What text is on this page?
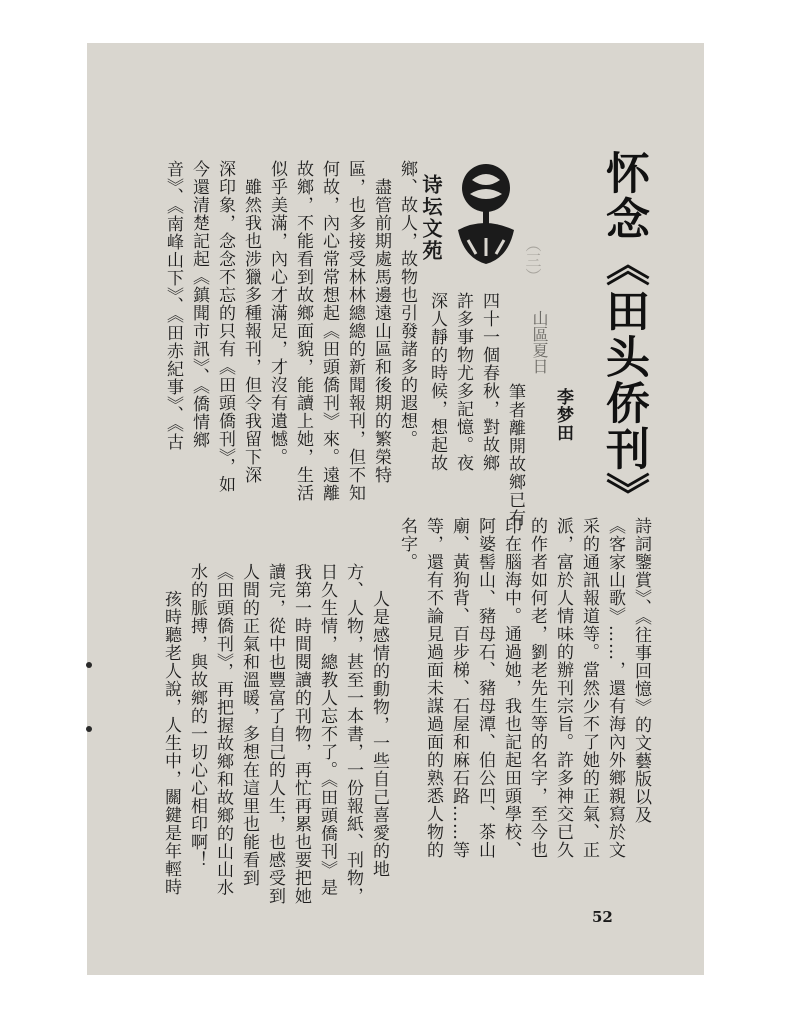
（三）
山區夏日 怀念《田头侨刊》
李梦田
诗坛文苑
筆者離開故鄉已有
四十一個春秋，對故鄉
許多事物尤多記憶。夜
深人靜的時候，想起故
鄉、故人，故物也引發諸多的遐想。
盡管前期處馬邊遠山區和後期的繁榮特
區，也多接受林林總總的新聞報刊，但不知
何故，內心常常想起《田頭僑刊》來。遠離
故鄉，不能看到故鄉面貌，能讀上她，生活
似乎美滿，內心才滿足，才沒有遺憾。
雖然我也涉獵多種報刊，但令我留下深
深印象，念念不忘的只有《田頭僑刊》，如
今還清楚記起《鎮聞市訊》、《僑情鄉
音》、《南峰山下》、《田赤紀事》、《古
詩詞鑒賞》、《往事回憶》的文藝版以及
《客家山歌》……，還有海內外鄉親寫於文
采的通訊報道等。當然少不了她的正氣、正
派，富於人情味的辦刊宗旨。許多神交已久
的作者如何老，劉老先生等的名字，至今也
印在腦海中。通過她，我也記起田頭學校、
阿婆髻山、豬母石、豬母潭、伯公凹、茶山
廟、黃狗背、百步梯、石屋和麻石路……等
等，還有不論見過面未謀過面的熟悉人物的
名字。
人是感情的動物，一些自己喜愛的地
方、人物，甚至一本書，一份報紙、刊物，
日久生情，總教人忘不了。《田頭僑刊》是
我第一時間閱讀的刊物，再忙再累也要把她
讀完，從中也豐富了自己的人生，也感受到
人間的正氣和溫暖，多想在這里也能看到
《田頭僑刊》，再把握故鄉和故鄉的山山水
水的脈搏，與故鄉的一切心心相印啊！
孩時聽老人說，人生中，關鍵是年輕時
52
